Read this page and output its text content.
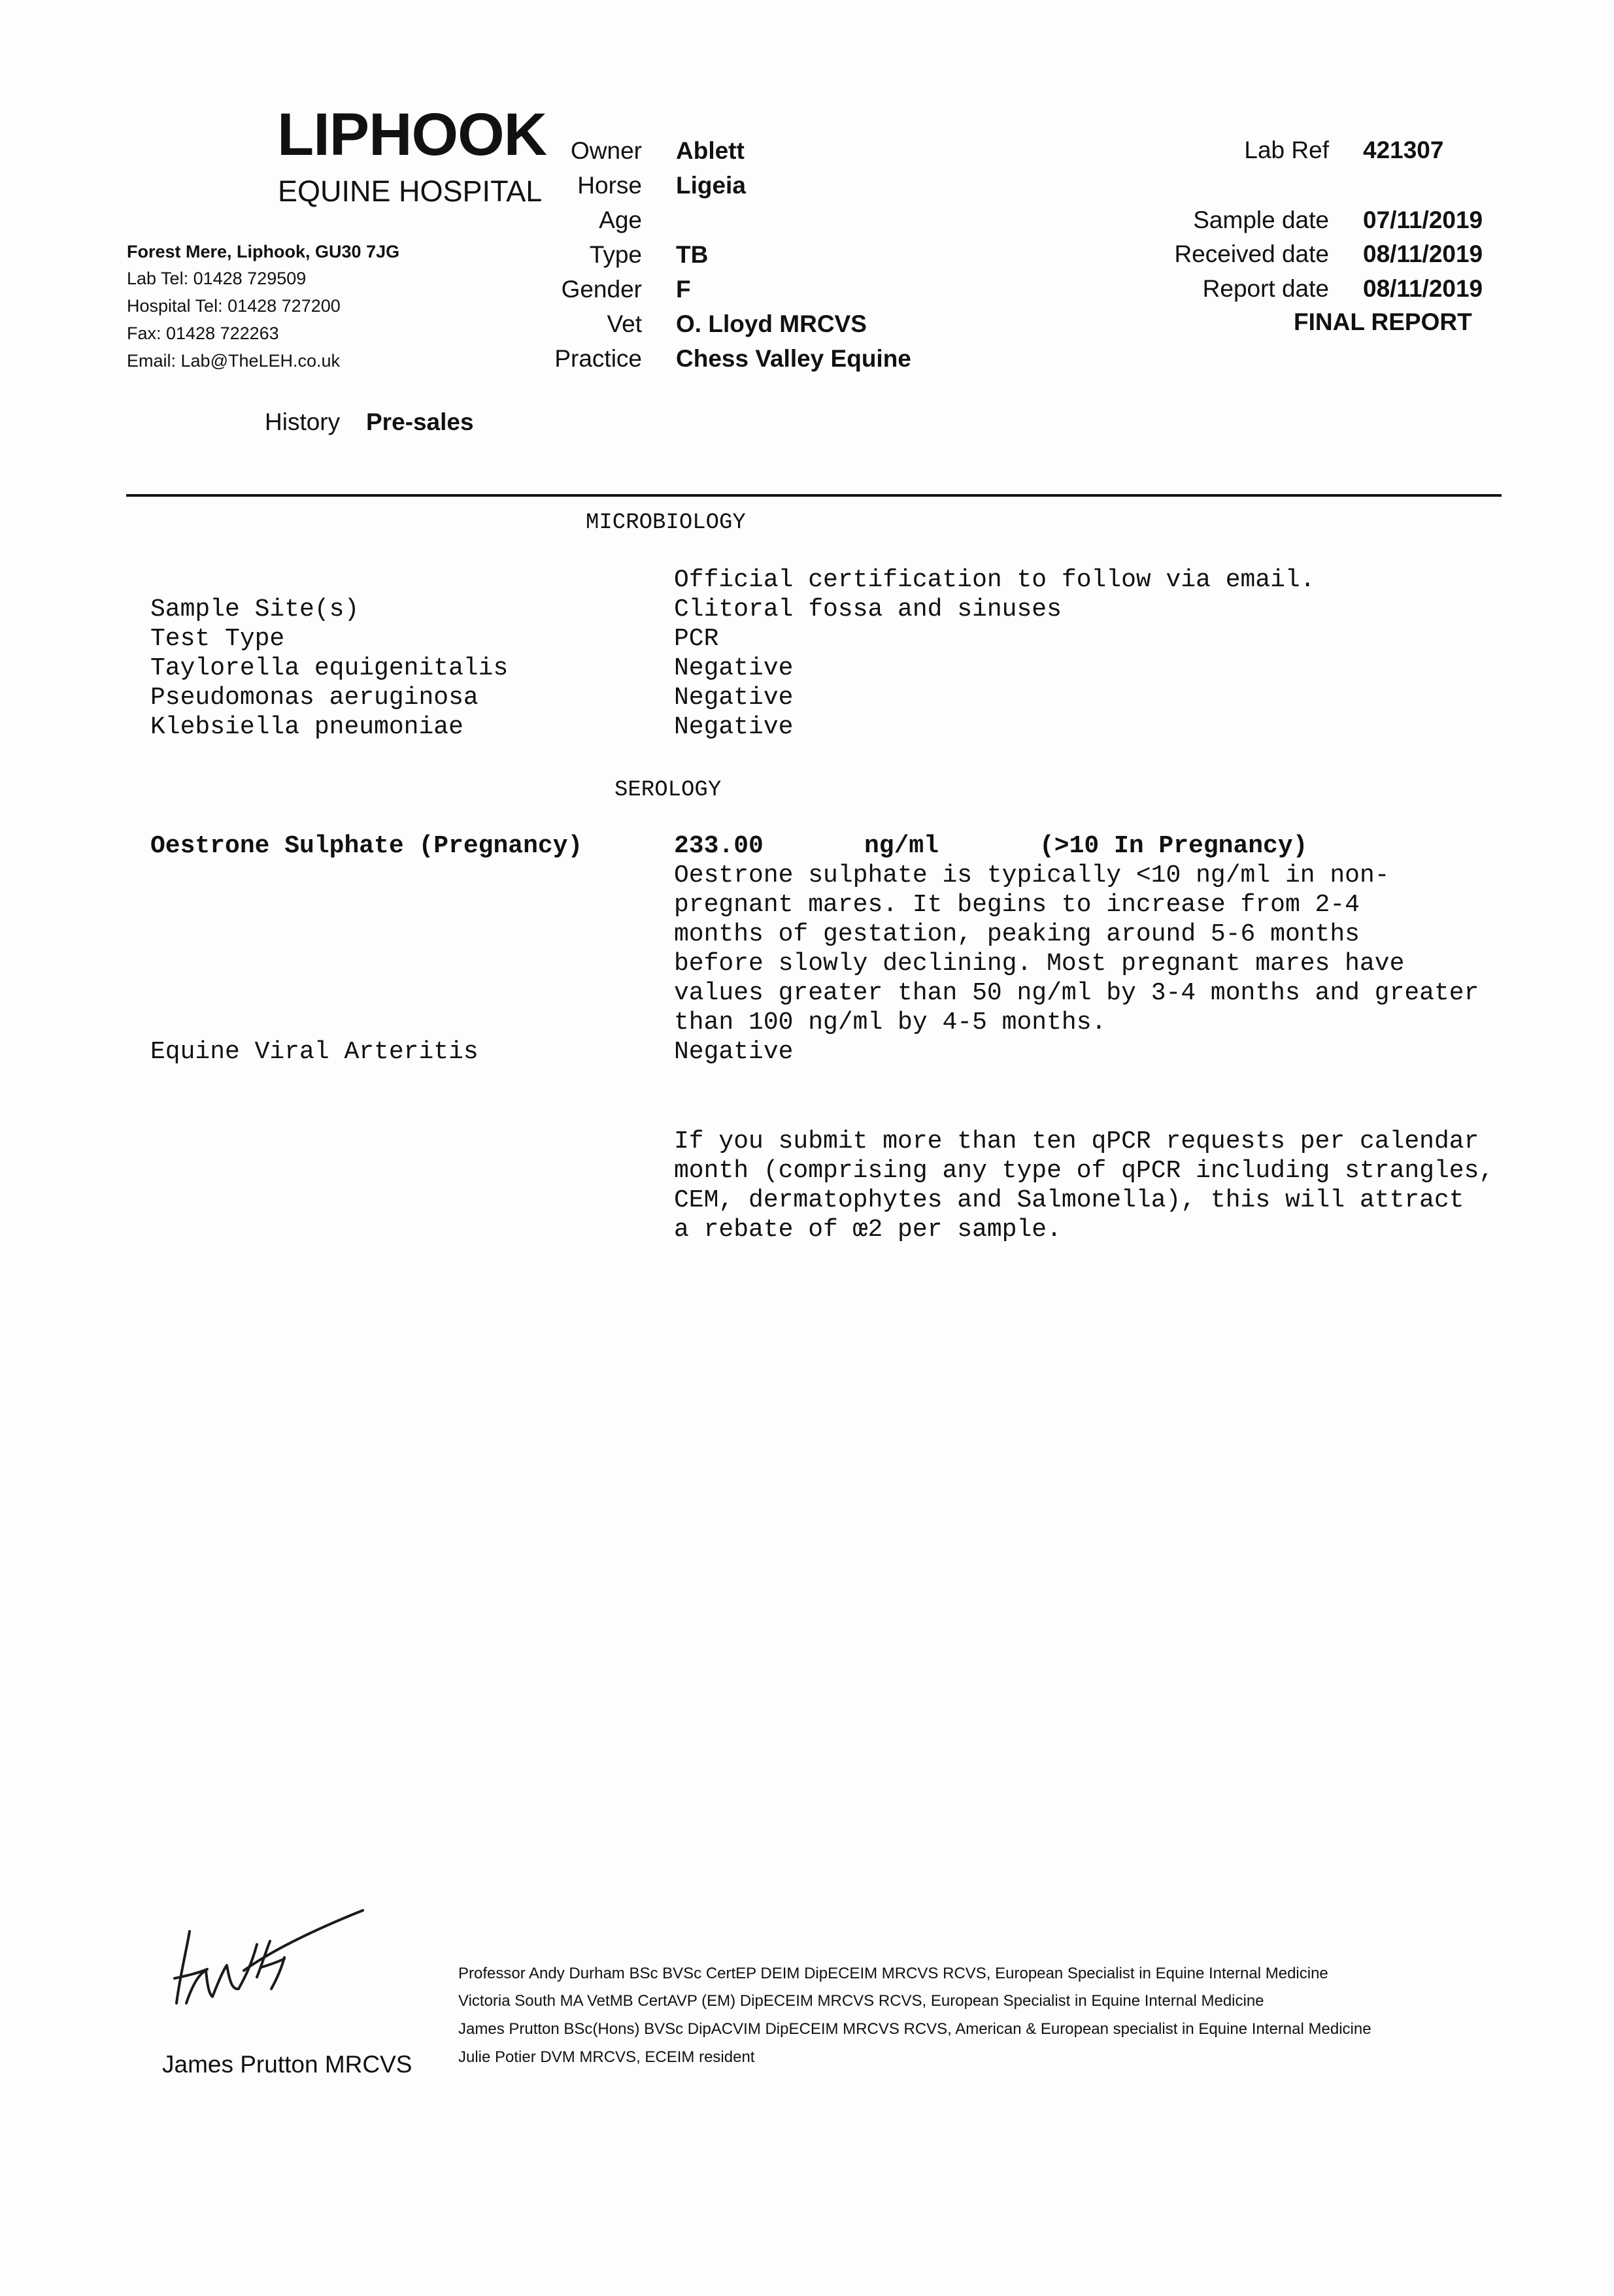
LIPHOOK
EQUINE HOSPITAL
Forest Mere, Liphook, GU30 7JG
Lab Tel: 01428 729509
Hospital Tel: 01428 727200
Fax: 01428 722263
Email: Lab@TheLEH.co.uk
Owner Ablett
Horse Ligeia
Age
Type TB
Gender F
Vet O. Lloyd MRCVS
Practice Chess Valley Equine
Lab Ref 421307
Sample date 07/11/2019
Received date 08/11/2019
Report date 08/11/2019
FINAL REPORT
History Pre-sales
MICROBIOLOGY
Official certification to follow via email.
Sample Site(s)	Clitoral fossa and sinuses
Test Type	PCR
Taylorella equigenitalis	Negative
Pseudomonas aeruginosa	Negative
Klebsiella pneumoniae	Negative
SEROLOGY
Oestrone Sulphate (Pregnancy)	233.00	ng/ml	(>10 In Pregnancy)
Oestrone sulphate is typically <10 ng/ml in non-
pregnant mares. It begins to increase from 2-4
months of gestation, peaking around 5-6 months
before slowly declining. Most pregnant mares have
values greater than 50 ng/ml by 3-4 months and greater
than 100 ng/ml by 4-5 months.
Equine Viral Arteritis	Negative
If you submit more than ten qPCR requests per calendar
month (comprising any type of qPCR including strangles,
CEM, dermatophytes and Salmonella), this will attract
a rebate of œ2 per sample.
James Prutton MRCVS
Professor Andy Durham BSc BVSc CertEP DEIM DipECEIM MRCVS RCVS, European Specialist in Equine Internal Medicine
Victoria South MA VetMB CertAVP (EM) DipECEIM MRCVS RCVS, European Specialist in Equine Internal Medicine
James Prutton BSc(Hons) BVSc DipACVIM DipECEIM MRCVS RCVS, American & European specialist in Equine Internal Medicine
Julie Potier DVM MRCVS, ECEIM resident
